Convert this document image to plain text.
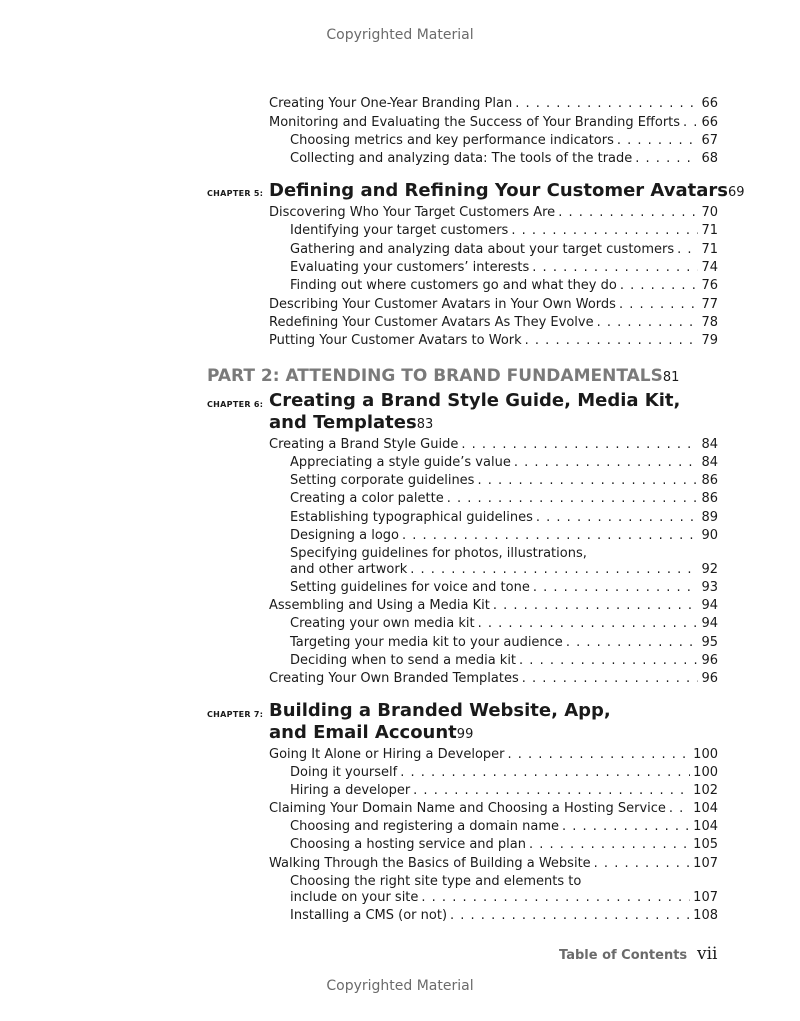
Copyrighted Material
Creating Your One-Year Branding Plan . . .	66
Monitoring and Evaluating the Success of Your Branding Efforts . . . 66
Choosing metrics and key performance indicators . . .	67
Collecting and analyzing data: The tools of the trade . . .	68
CHAPTER 5: Defining and Refining Your Customer Avatars 69
Discovering Who Your Target Customers Are . . .	70
Identifying your target customers . . .	71
Gathering and analyzing data about your target customers . . . 71
Evaluating your customers’ interests . . .	74
Finding out where customers go and what they do . . .	76
Describing Your Customer Avatars in Your Own Words . . .	77
Redefining Your Customer Avatars As They Evolve . . .	78
Putting Your Customer Avatars to Work . . .	79
PART 2: ATTENDING TO BRAND FUNDAMENTALS 81
CHAPTER 6: Creating a Brand Style Guide, Media Kit,
and Templates 83
Creating a Brand Style Guide . . .	84
Appreciating a style guide’s value . . .	84
Setting corporate guidelines . . .	86
Creating a color palette . . .	86
Establishing typographical guidelines . . .	89
Designing a logo . . .	90
Specifying guidelines for photos, illustrations,
and other artwork . . .	92
Setting guidelines for voice and tone . . .	93
Assembling and Using a Media Kit . . .	94
Creating your own media kit . . .	94
Targeting your media kit to your audience . . .	95
Deciding when to send a media kit . . .	96
Creating Your Own Branded Templates . . .	96
CHAPTER 7: Building a Branded Website, App,
and Email Account 99
Going It Alone or Hiring a Developer . . .	100
Doing it yourself . . .	100
Hiring a developer . . .	102
Claiming Your Domain Name and Choosing a Hosting Service . . . 104
Choosing and registering a domain name . . .	104
Choosing a hosting service and plan . . .	105
Walking Through the Basics of Building a Website . . .	107
Choosing the right site type and elements to
include on your site . . .	107
Installing a CMS (or not) . . .	108
Table of Contents vii
Copyrighted Material
